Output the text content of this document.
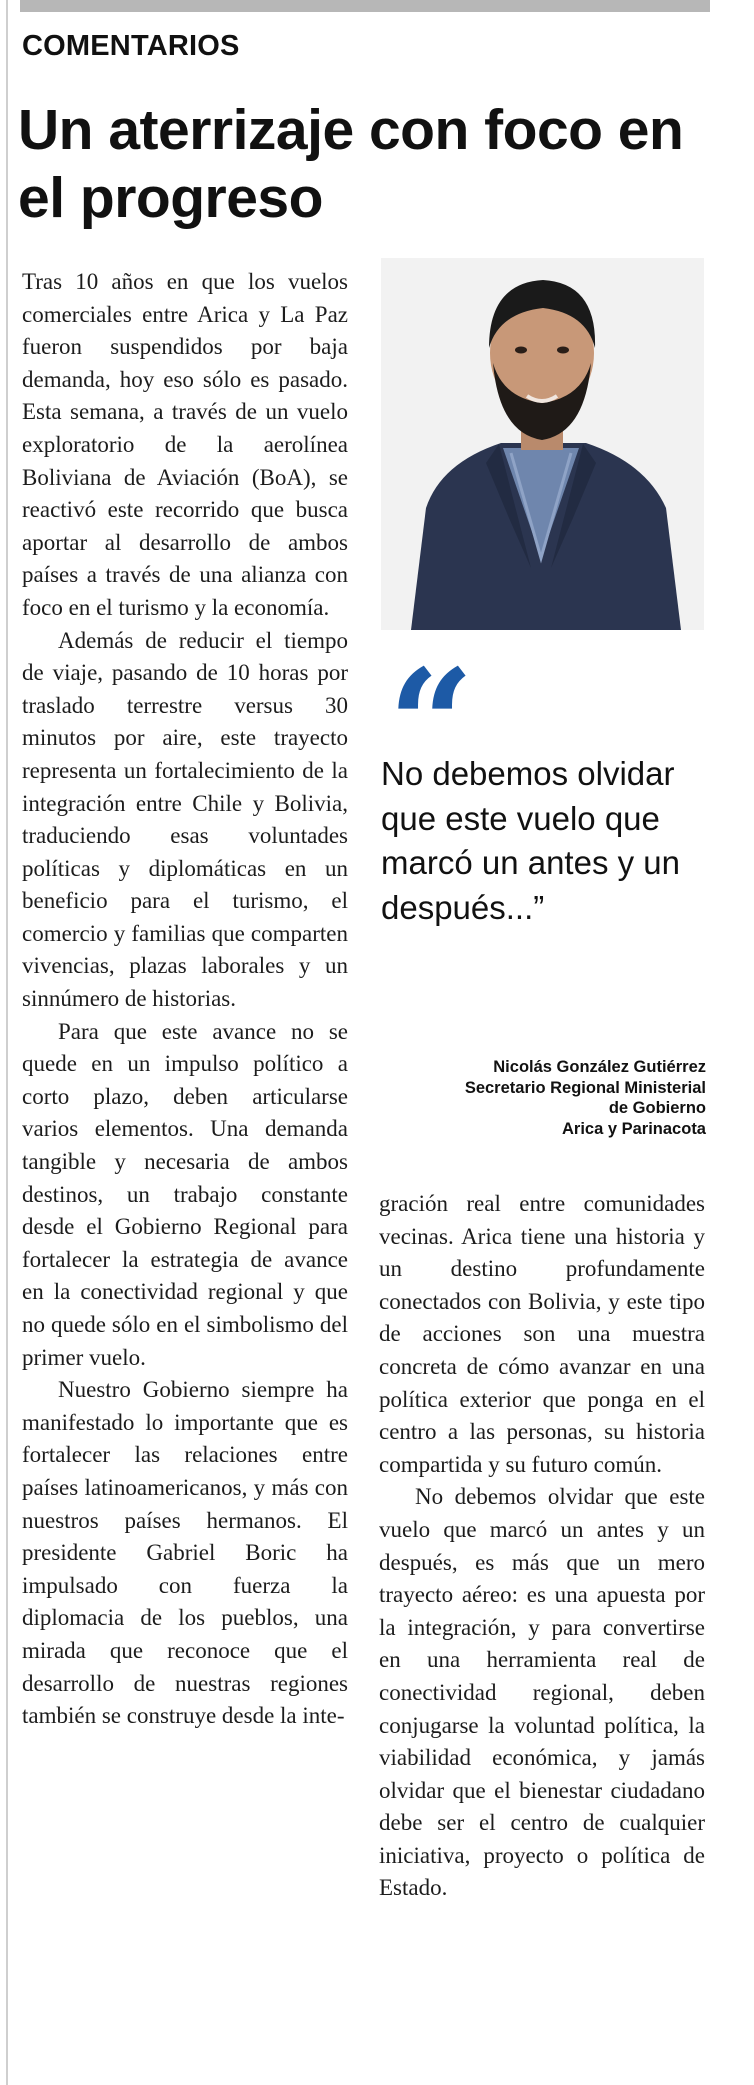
COMENTARIOS
Un aterrizaje con foco en el progreso

Tras 10 años en que los vuelos comerciales entre Arica y La Paz fueron suspendidos por baja demanda, hoy eso sólo es pasado. Esta semana, a través de un vuelo exploratorio de la aerolínea Boliviana de Aviación (BoA), se reactivó este recorrido que busca aportar al desarrollo de ambos países a través de una alianza con foco en el turismo y la economía.

Además de reducir el tiempo de viaje, pasando de 10 horas por traslado terrestre versus 30 minutos por aire, este trayecto representa un fortalecimiento de la integración entre Chile y Bolivia, traduciendo esas voluntades políticas y diplomáticas en un beneficio para el turismo, el comercio y familias que comparten vivencias, plazas laborales y un sinnúmero de historias.

Para que este avance no se quede en un impulso político a corto plazo, deben articularse varios elementos. Una demanda tangible y necesaria de ambos destinos, un trabajo constante desde el Gobierno Regional para fortalecer la estrategia de avance en la conectividad regional y que no quede sólo en el simbolismo del primer vuelo.

Nuestro Gobierno siempre ha manifestado lo importante que es fortalecer las relaciones entre países latinoamericanos, y más con nuestros países hermanos. El presidente Gabriel Boric ha impulsado con fuerza la diplomacia de los pueblos, una mirada que reconoce que el desarrollo de nuestras regiones también se construye desde la inte-

“
No debemos olvidar que este vuelo que marcó un antes y un después...”
Nicolás González Gutiérrez
Secretario Regional Ministerial
de Gobierno
Arica y Parinacota

gración real entre comunidades vecinas. Arica tiene una historia y un destino profundamente conectados con Bolivia, y este tipo de acciones son una muestra concreta de cómo avanzar en una política exterior que ponga en el centro a las personas, su historia compartida y su futuro común.

No debemos olvidar que este vuelo que marcó un antes y un después, es más que un mero trayecto aéreo: es una apuesta por la integración, y para convertirse en una herramienta real de conectividad regional, deben conjugarse la voluntad política, la viabilidad económica, y jamás olvidar que el bienestar ciudadano debe ser el centro de cualquier iniciativa, proyecto o política de Estado.
